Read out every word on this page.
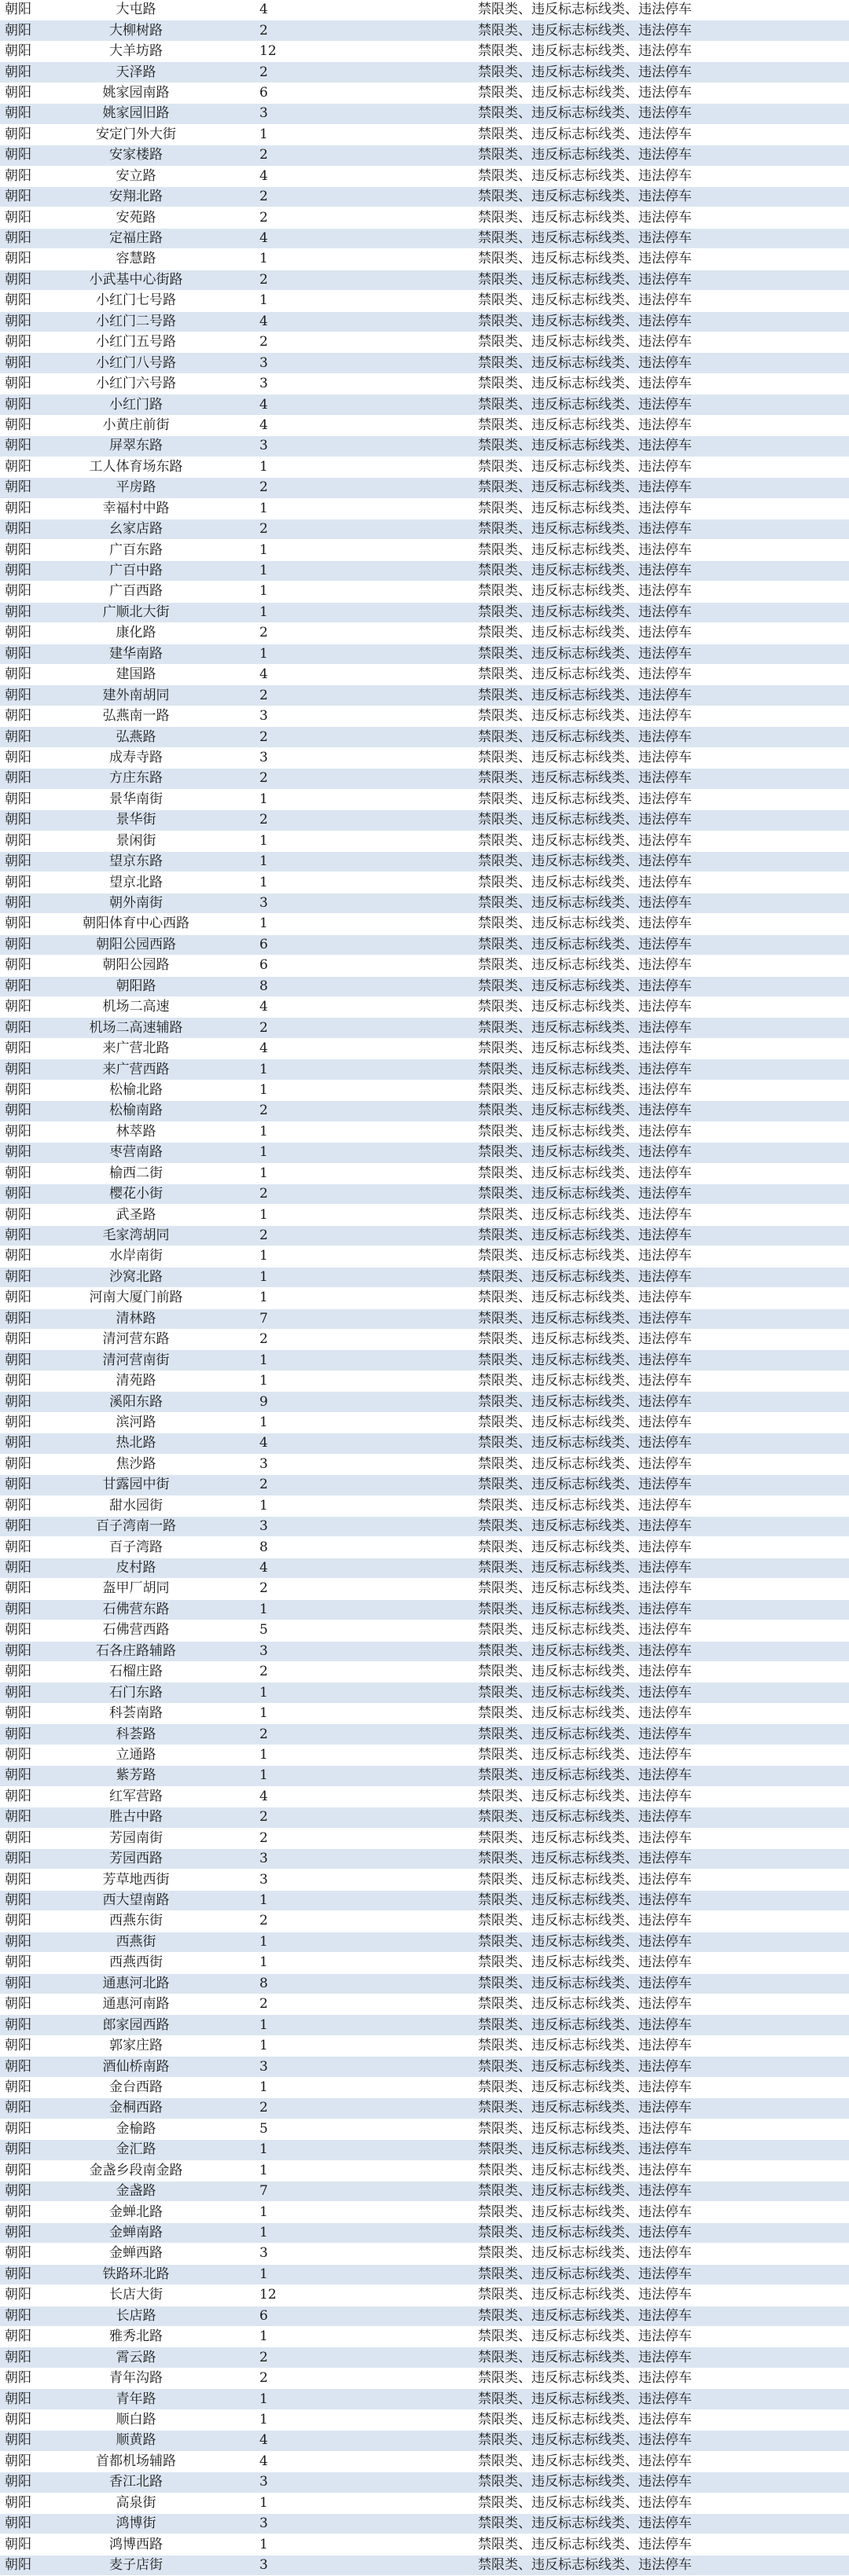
朝阳	大屯路	4	禁限类、违反标志标线类、违法停车
朝阳	大柳树路	2	禁限类、违反标志标线类、违法停车
朝阳	大羊坊路	12	禁限类、违反标志标线类、违法停车
朝阳	天泽路	2	禁限类、违反标志标线类、违法停车
朝阳	姚家园南路	6	禁限类、违反标志标线类、违法停车
朝阳	姚家园旧路	3	禁限类、违反标志标线类、违法停车
朝阳	安定门外大街	1	禁限类、违反标志标线类、违法停车
朝阳	安家楼路	2	禁限类、违反标志标线类、违法停车
朝阳	安立路	4	禁限类、违反标志标线类、违法停车
朝阳	安翔北路	2	禁限类、违反标志标线类、违法停车
朝阳	安苑路	2	禁限类、违反标志标线类、违法停车
朝阳	定福庄路	4	禁限类、违反标志标线类、违法停车
朝阳	容慧路	1	禁限类、违反标志标线类、违法停车
朝阳	小武基中心街路	2	禁限类、违反标志标线类、违法停车
朝阳	小红门七号路	1	禁限类、违反标志标线类、违法停车
朝阳	小红门二号路	4	禁限类、违反标志标线类、违法停车
朝阳	小红门五号路	2	禁限类、违反标志标线类、违法停车
朝阳	小红门八号路	3	禁限类、违反标志标线类、违法停车
朝阳	小红门六号路	3	禁限类、违反标志标线类、违法停车
朝阳	小红门路	4	禁限类、违反标志标线类、违法停车
朝阳	小黄庄前街	4	禁限类、违反标志标线类、违法停车
朝阳	屏翠东路	3	禁限类、违反标志标线类、违法停车
朝阳	工人体育场东路	1	禁限类、违反标志标线类、违法停车
朝阳	平房路	2	禁限类、违反标志标线类、违法停车
朝阳	幸福村中路	1	禁限类、违反标志标线类、违法停车
朝阳	幺家店路	2	禁限类、违反标志标线类、违法停车
朝阳	广百东路	1	禁限类、违反标志标线类、违法停车
朝阳	广百中路	1	禁限类、违反标志标线类、违法停车
朝阳	广百西路	1	禁限类、违反标志标线类、违法停车
朝阳	广顺北大街	1	禁限类、违反标志标线类、违法停车
朝阳	康化路	2	禁限类、违反标志标线类、违法停车
朝阳	建华南路	1	禁限类、违反标志标线类、违法停车
朝阳	建国路	4	禁限类、违反标志标线类、违法停车
朝阳	建外南胡同	2	禁限类、违反标志标线类、违法停车
朝阳	弘燕南一路	3	禁限类、违反标志标线类、违法停车
朝阳	弘燕路	2	禁限类、违反标志标线类、违法停车
朝阳	成寿寺路	3	禁限类、违反标志标线类、违法停车
朝阳	方庄东路	2	禁限类、违反标志标线类、违法停车
朝阳	景华南街	1	禁限类、违反标志标线类、违法停车
朝阳	景华街	2	禁限类、违反标志标线类、违法停车
朝阳	景闲街	1	禁限类、违反标志标线类、违法停车
朝阳	望京东路	1	禁限类、违反标志标线类、违法停车
朝阳	望京北路	1	禁限类、违反标志标线类、违法停车
朝阳	朝外南街	3	禁限类、违反标志标线类、违法停车
朝阳	朝阳体育中心西路	1	禁限类、违反标志标线类、违法停车
朝阳	朝阳公园西路	6	禁限类、违反标志标线类、违法停车
朝阳	朝阳公园路	6	禁限类、违反标志标线类、违法停车
朝阳	朝阳路	8	禁限类、违反标志标线类、违法停车
朝阳	机场二高速	4	禁限类、违反标志标线类、违法停车
朝阳	机场二高速辅路	2	禁限类、违反标志标线类、违法停车
朝阳	来广营北路	4	禁限类、违反标志标线类、违法停车
朝阳	来广营西路	1	禁限类、违反标志标线类、违法停车
朝阳	松榆北路	1	禁限类、违反标志标线类、违法停车
朝阳	松榆南路	2	禁限类、违反标志标线类、违法停车
朝阳	林萃路	1	禁限类、违反标志标线类、违法停车
朝阳	枣营南路	1	禁限类、违反标志标线类、违法停车
朝阳	榆西二街	1	禁限类、违反标志标线类、违法停车
朝阳	樱花小街	2	禁限类、违反标志标线类、违法停车
朝阳	武圣路	1	禁限类、违反标志标线类、违法停车
朝阳	毛家湾胡同	2	禁限类、违反标志标线类、违法停车
朝阳	水岸南街	1	禁限类、违反标志标线类、违法停车
朝阳	沙窝北路	1	禁限类、违反标志标线类、违法停车
朝阳	河南大厦门前路	1	禁限类、违反标志标线类、违法停车
朝阳	清林路	7	禁限类、违反标志标线类、违法停车
朝阳	清河营东路	2	禁限类、违反标志标线类、违法停车
朝阳	清河营南街	1	禁限类、违反标志标线类、违法停车
朝阳	清苑路	1	禁限类、违反标志标线类、违法停车
朝阳	溪阳东路	9	禁限类、违反标志标线类、违法停车
朝阳	滨河路	1	禁限类、违反标志标线类、违法停车
朝阳	热北路	4	禁限类、违反标志标线类、违法停车
朝阳	焦沙路	3	禁限类、违反标志标线类、违法停车
朝阳	甘露园中街	2	禁限类、违反标志标线类、违法停车
朝阳	甜水园街	1	禁限类、违反标志标线类、违法停车
朝阳	百子湾南一路	3	禁限类、违反标志标线类、违法停车
朝阳	百子湾路	8	禁限类、违反标志标线类、违法停车
朝阳	皮村路	4	禁限类、违反标志标线类、违法停车
朝阳	盔甲厂胡同	2	禁限类、违反标志标线类、违法停车
朝阳	石佛营东路	1	禁限类、违反标志标线类、违法停车
朝阳	石佛营西路	5	禁限类、违反标志标线类、违法停车
朝阳	石各庄路辅路	3	禁限类、违反标志标线类、违法停车
朝阳	石榴庄路	2	禁限类、违反标志标线类、违法停车
朝阳	石门东路	1	禁限类、违反标志标线类、违法停车
朝阳	科荟南路	1	禁限类、违反标志标线类、违法停车
朝阳	科荟路	2	禁限类、违反标志标线类、违法停车
朝阳	立通路	1	禁限类、违反标志标线类、违法停车
朝阳	紫芳路	1	禁限类、违反标志标线类、违法停车
朝阳	红军营路	4	禁限类、违反标志标线类、违法停车
朝阳	胜古中路	2	禁限类、违反标志标线类、违法停车
朝阳	芳园南街	2	禁限类、违反标志标线类、违法停车
朝阳	芳园西路	3	禁限类、违反标志标线类、违法停车
朝阳	芳草地西街	3	禁限类、违反标志标线类、违法停车
朝阳	西大望南路	1	禁限类、违反标志标线类、违法停车
朝阳	西燕东街	2	禁限类、违反标志标线类、违法停车
朝阳	西燕街	1	禁限类、违反标志标线类、违法停车
朝阳	西燕西街	1	禁限类、违反标志标线类、违法停车
朝阳	通惠河北路	8	禁限类、违反标志标线类、违法停车
朝阳	通惠河南路	2	禁限类、违反标志标线类、违法停车
朝阳	郎家园西路	1	禁限类、违反标志标线类、违法停车
朝阳	郭家庄路	1	禁限类、违反标志标线类、违法停车
朝阳	酒仙桥南路	3	禁限类、违反标志标线类、违法停车
朝阳	金台西路	1	禁限类、违反标志标线类、违法停车
朝阳	金桐西路	2	禁限类、违反标志标线类、违法停车
朝阳	金榆路	5	禁限类、违反标志标线类、违法停车
朝阳	金汇路	1	禁限类、违反标志标线类、违法停车
朝阳	金盏乡段南金路	1	禁限类、违反标志标线类、违法停车
朝阳	金盏路	7	禁限类、违反标志标线类、违法停车
朝阳	金蝉北路	1	禁限类、违反标志标线类、违法停车
朝阳	金蝉南路	1	禁限类、违反标志标线类、违法停车
朝阳	金蝉西路	3	禁限类、违反标志标线类、违法停车
朝阳	铁路环北路	1	禁限类、违反标志标线类、违法停车
朝阳	长店大街	12	禁限类、违反标志标线类、违法停车
朝阳	长店路	6	禁限类、违反标志标线类、违法停车
朝阳	雅秀北路	1	禁限类、违反标志标线类、违法停车
朝阳	霄云路	2	禁限类、违反标志标线类、违法停车
朝阳	青年沟路	2	禁限类、违反标志标线类、违法停车
朝阳	青年路	1	禁限类、违反标志标线类、违法停车
朝阳	顺白路	1	禁限类、违反标志标线类、违法停车
朝阳	顺黄路	4	禁限类、违反标志标线类、违法停车
朝阳	首都机场辅路	4	禁限类、违反标志标线类、违法停车
朝阳	香江北路	3	禁限类、违反标志标线类、违法停车
朝阳	高泉街	1	禁限类、违反标志标线类、违法停车
朝阳	鸿博街	3	禁限类、违反标志标线类、违法停车
朝阳	鸿博西路	1	禁限类、违反标志标线类、违法停车
朝阳	麦子店街	3	禁限类、违反标志标线类、违法停车
